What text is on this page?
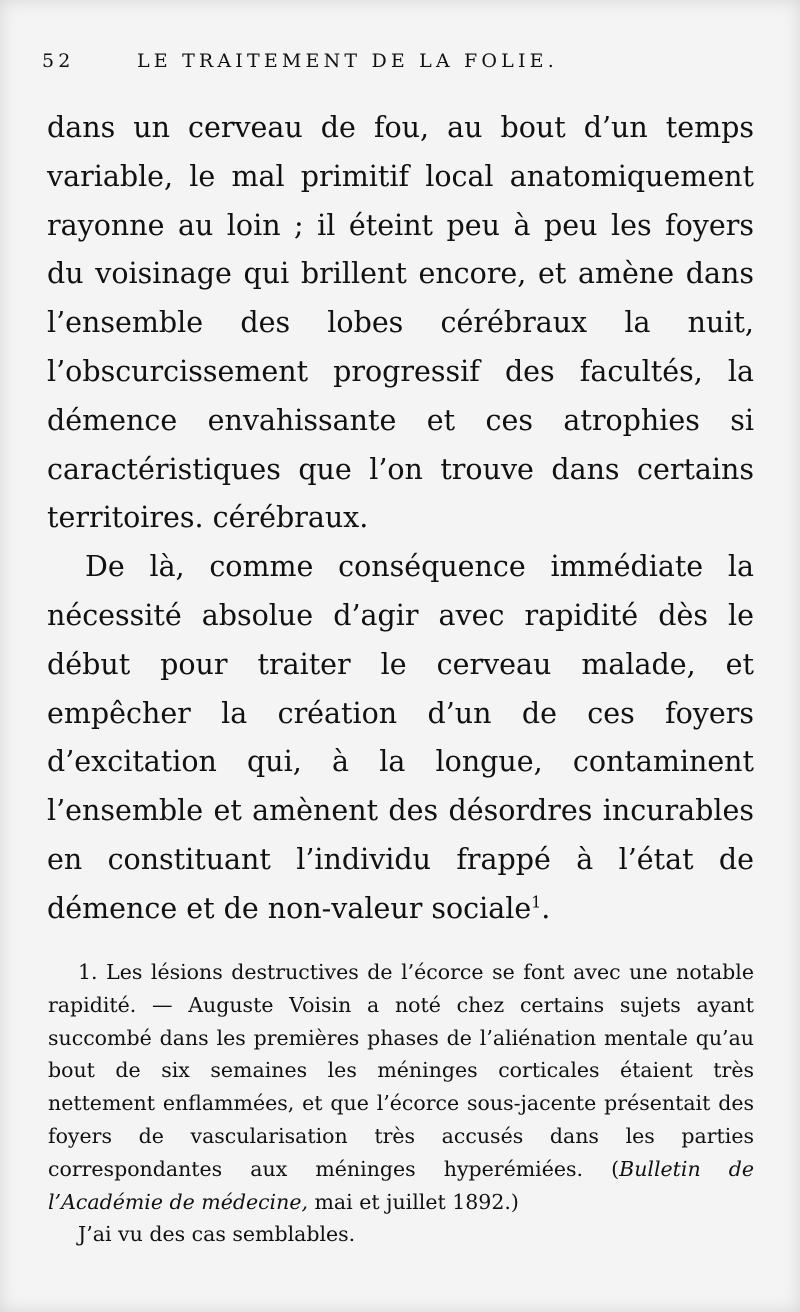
52	LE TRAITEMENT DE LA FOLIE.

dans un cerveau de fou, au bout d’un temps variable, le mal primitif local anatomiquement rayonne au loin ; il éteint peu à peu les foyers du voisinage qui brillent encore, et amène dans l’ensemble des lobes cérébraux la nuit, l’obscurcissement progressif des facultés, la démence envahissante et ces atrophies si caractéristiques que l’on trouve dans certains territoires. cérébraux.

De là, comme conséquence immédiate la nécessité absolue d’agir avec rapidité dès le début pour traiter le cerveau malade, et empêcher la création d’un de ces foyers d’excitation qui, à la longue, contaminent l’ensemble et amènent des désordres incurables en constituant l’individu frappé à l’état de démence et de non-valeur sociale$^1$.

1. Les lésions destructives de l’écorce se font avec une notable rapidité. — Auguste Voisin a noté chez certains sujets ayant succombé dans les premières phases de l’aliénation mentale qu’au bout de six semaines les méninges corticales étaient très nettement enflammées, et que l’écorce sous-jacente présentait des foyers de vascularisation très accusés dans les parties correspondantes aux méninges hyperémiées. (Bulletin de l’Académie de médecine, mai et juillet 1892.)

J’ai vu des cas semblables.
